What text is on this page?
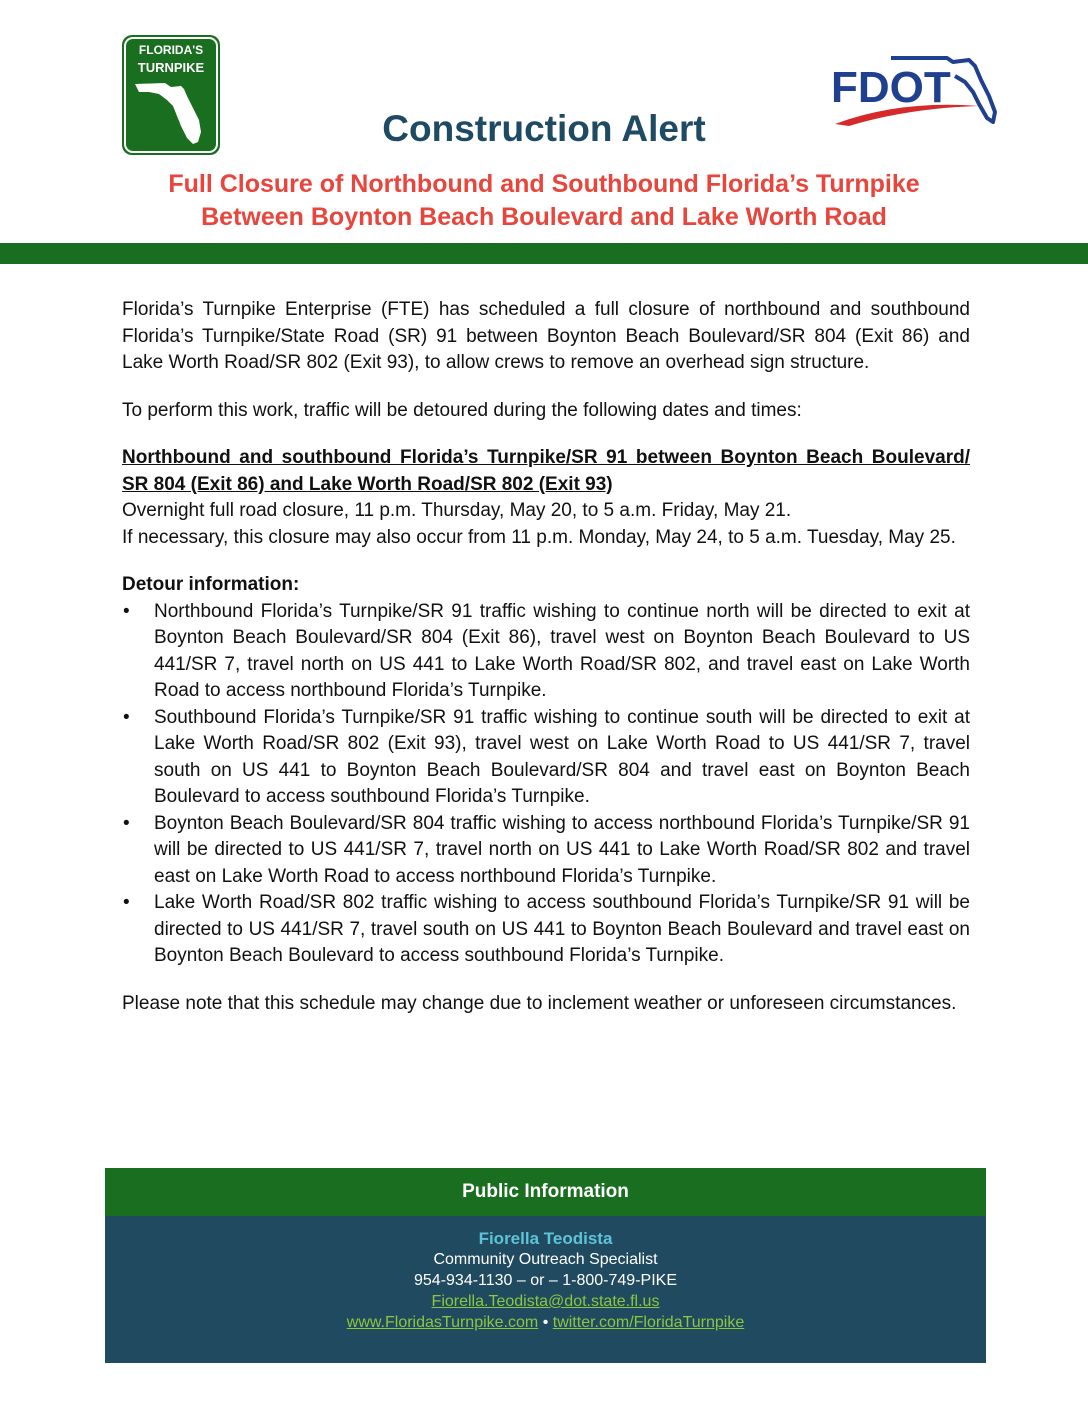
FLORIDA'S
TURNPIKE	FDOT
Construction Alert
Full Closure of Northbound and Southbound Florida’s Turnpike
Between Boynton Beach Boulevard and Lake Worth Road

Florida’s Turnpike Enterprise (FTE) has scheduled a full closure of northbound and southbound Florida’s Turnpike/State Road (SR) 91 between Boynton Beach Boulevard/SR 804 (Exit 86) and Lake Worth Road/SR 802 (Exit 93), to allow crews to remove an overhead sign structure.

To perform this work, traffic will be detoured during the following dates and times:

Northbound and southbound Florida’s Turnpike/SR 91 between Boynton Beach Boulevard/ SR 804 (Exit 86) and Lake Worth Road/SR 802 (Exit 93)

Overnight full road closure, 11 p.m. Thursday, May 20, to 5 a.m. Friday, May 21.

If necessary, this closure may also occur from 11 p.m. Monday, May 24, to 5 a.m. Tuesday, May 25.

Detour information:

• Northbound Florida’s Turnpike/SR 91 traffic wishing to continue north will be directed to exit at Boynton Beach Boulevard/SR 804 (Exit 86), travel west on Boynton Beach Boulevard to US 441/SR 7, travel north on US 441 to Lake Worth Road/SR 802, and travel east on Lake Worth Road to access northbound Florida’s Turnpike.
• Southbound Florida’s Turnpike/SR 91 traffic wishing to continue south will be directed to exit at Lake Worth Road/SR 802 (Exit 93), travel west on Lake Worth Road to US 441/SR 7, travel south on US 441 to Boynton Beach Boulevard/SR 804 and travel east on Boynton Beach Boulevard to access southbound Florida’s Turnpike.
• Boynton Beach Boulevard/SR 804 traffic wishing to access northbound Florida’s Turnpike/SR 91 will be directed to US 441/SR 7, travel north on US 441 to Lake Worth Road/SR 802 and travel east on Lake Worth Road to access northbound Florida’s Turnpike.
• Lake Worth Road/SR 802 traffic wishing to access southbound Florida’s Turnpike/SR 91 will be directed to US 441/SR 7, travel south on US 441 to Boynton Beach Boulevard and travel east on Boynton Beach Boulevard to access southbound Florida’s Turnpike.

Please note that this schedule may change due to inclement weather or unforeseen circumstances.

Public Information
Fiorella Teodista
Community Outreach Specialist
954-934-1130 – or – 1-800-749-PIKE
Fiorella.Teodista@dot.state.fl.us
www.FloridasTurnpike.com • twitter.com/FloridaTurnpike
